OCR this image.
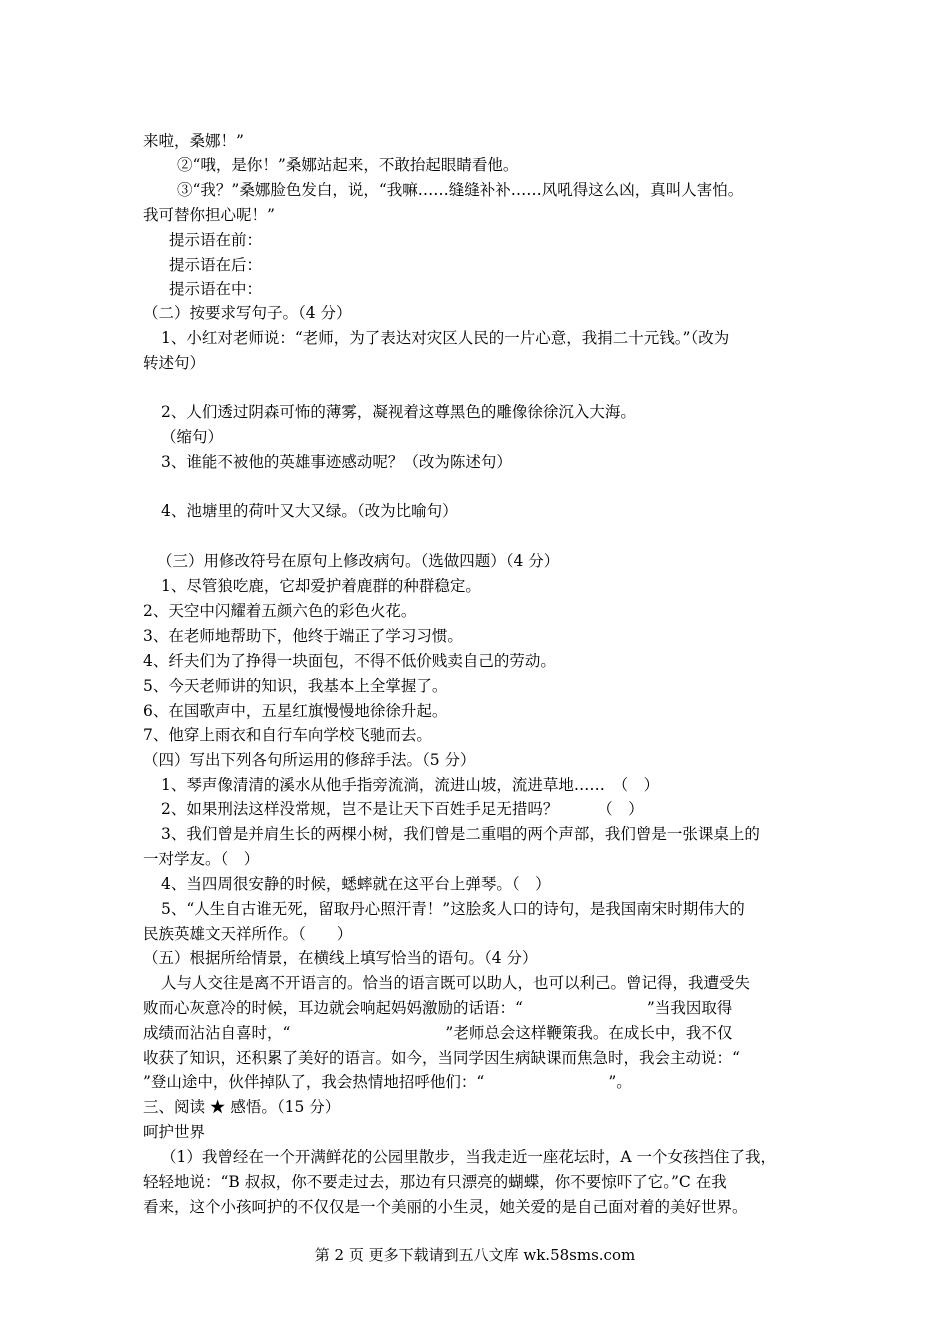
来啦，桑娜！”
②“哦，是你！”桑娜站起来，不敢抬起眼睛看他。
③“我？”桑娜脸色发白，说，“我嘛……缝缝补补……风吼得这么凶，真叫人害怕。
我可替你担心呢！”
提示语在前：
提示语在后：
提示语在中：
（二）按要求写句子。（4 分）
1、小红对老师说：“老师，为了表达对灾区人民的一片心意，我捐二十元钱。”（改为
转述句）
2、人们透过阴森可怖的薄雾，凝视着这尊黑色的雕像徐徐沉入大海。
（缩句）
3、谁能不被他的英雄事迹感动呢？（改为陈述句）
4、池塘里的荷叶又大又绿。（改为比喻句）
（三）用修改符号在原句上修改病句。（选做四题）（4 分）
1、尽管狼吃鹿，它却爱护着鹿群的种群稳定。
2、天空中闪耀着五颜六色的彩色火花。
3、在老师地帮助下，他终于端正了学习习惯。
4、纤夫们为了挣得一块面包，不得不低价贱卖自己的劳动。
5、今天老师讲的知识，我基本上全掌握了。
6、在国歌声中，五星红旗慢慢地徐徐升起。
7、他穿上雨衣和自行车向学校飞驰而去。
（四）写出下列各句所运用的修辞手法。（5 分）
1、琴声像清清的溪水从他手指旁流淌，流进山坡，流进草地……　（　）
2、如果刑法这样没常规，岂不是让天下百姓手足无措吗？　　　（　）
3、我们曾是并肩生长的两棵小树，我们曾是二重唱的两个声部，我们曾是一张课桌上的
一对学友。（　）
4、当四周很安静的时候，蟋蟀就在这平台上弹琴。（　）
5、“人生自古谁无死，留取丹心照汗青！”这脍炙人口的诗句，是我国南宋时期伟大的
民族英雄文天祥所作。（　　）
（五）根据所给情景，在横线上填写恰当的语句。（4 分）
人与人交往是离不开语言的。恰当的语言既可以助人，也可以利己。曾记得，我遭受失
败而心灰意冷的时候，耳边就会响起妈妈激励的话语：“　　　　　　　　”当我因取得
成绩而沾沾自喜时，“　　　　　　　　　　”老师总会这样鞭策我。在成长中，我不仅
收获了知识，还积累了美好的语言。如今，当同学因生病缺课而焦急时，我会主动说：“
”登山途中，伙伴掉队了，我会热情地招呼他们：“　　　　　　　　”。
三、阅读 ★ 感悟。（15 分）
呵护世界
（1）我曾经在一个开满鲜花的公园里散步，当我走近一座花坛时，A 一个女孩挡住了我，
轻轻地说：“B 叔叔，你不要走过去，那边有只漂亮的蝴蝶，你不要惊吓了它。”C 在我
看来，这个小孩呵护的不仅仅是一个美丽的小生灵，她关爱的是自己面对着的美好世界。
第 2 页 更多下载请到五八文库 wk.58sms.com
